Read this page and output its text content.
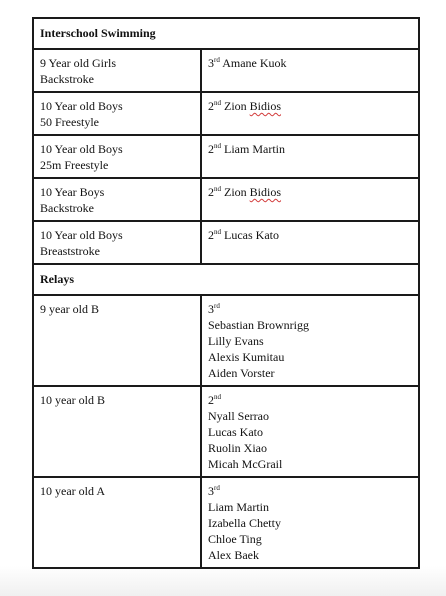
Interschool Swimming	

9 Year old Girls
Backstroke	3rd Amane Kuok

10 Year old Boys
50 Freestyle	2nd Zion Bidios

10 Year old Boys
25m Freestyle	2nd Liam Martin

10 Year Boys
Backstroke	2nd Zion Bidios

10 Year old Boys
Breaststroke	2nd Lucas Kato
Relays	
9 year old B	3rd
Sebastian Brownrigg
Lilly Evans
Alexis Kumitau
Aiden Vorster

10 year old B	2nd
Nyall Serrao
Lucas Kato
Ruolin Xiao
Micah McGrail

10 year old A	3rd
Liam Martin
Izabella Chetty
Chloe Ting
Alex Baek
